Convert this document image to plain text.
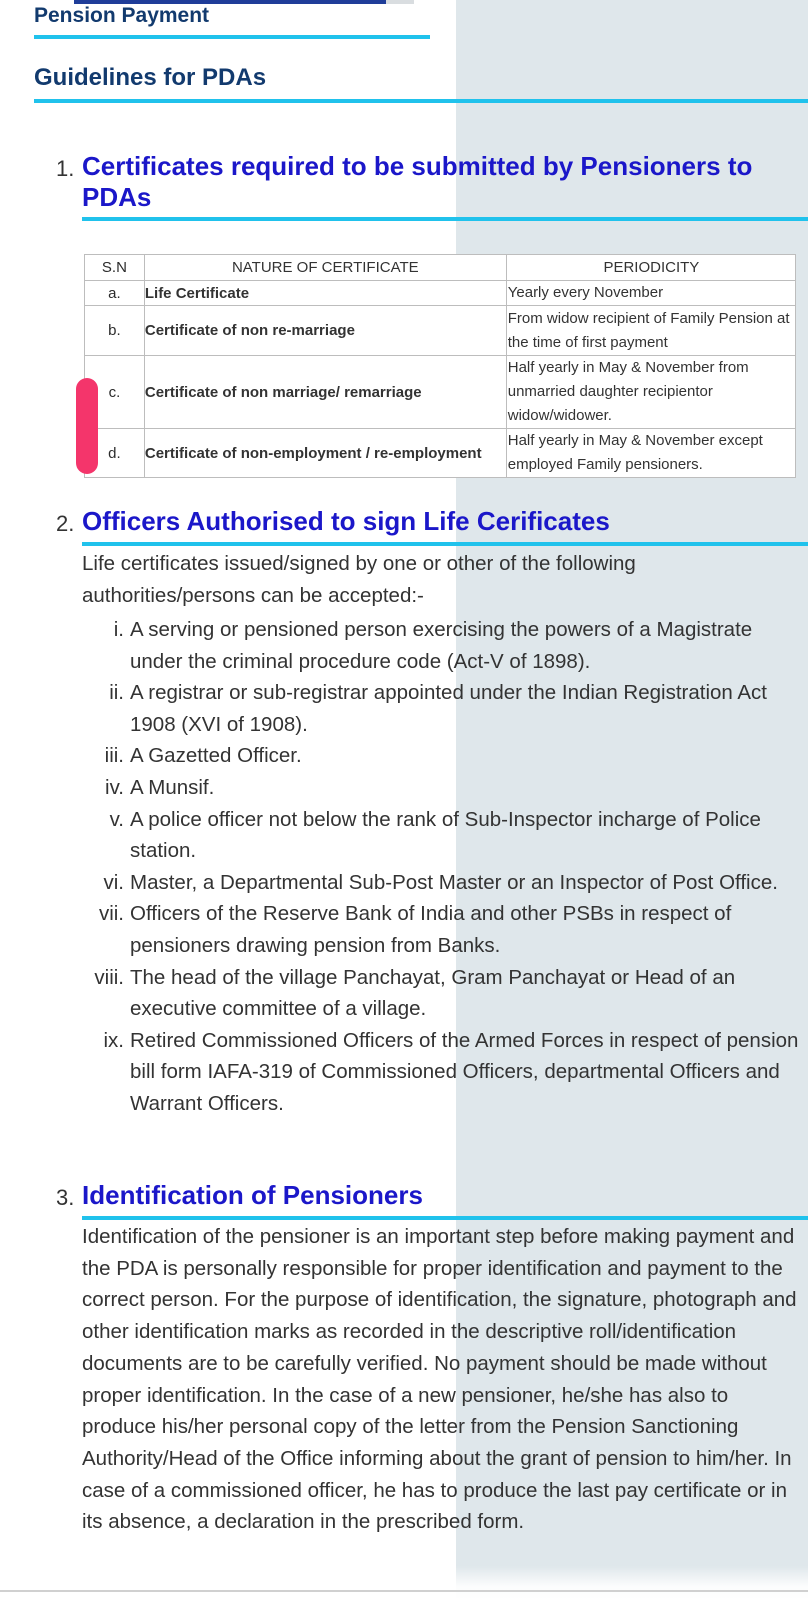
Pension Payment
Guidelines for PDAs
1. Certificates required to be submitted by Pensioners to PDAs
S.N	NATURE OF CERTIFICATE	PERIODICITY
a.	Life Certificate	Yearly every November
b.	Certificate of non re-marriage	From widow recipient of Family Pension at the time of first payment
c.	Certificate of non marriage/ remarriage	Half yearly in May & November from unmarried daughter recipientor widow/widower.
d.	Certificate of non-employment / re-employment	Half yearly in May & November except employed Family pensioners.
2. Officers Authorised to sign Life Cerificates
Life certificates issued/signed by one or other of the following authorities/persons can be accepted:-
i. A serving or pensioned person exercising the powers of a Magistrate under the criminal procedure code (Act-V of 1898).
ii. A registrar or sub-registrar appointed under the Indian Registration Act 1908 (XVI of 1908).
iii. A Gazetted Officer.
iv. A Munsif.
v. A police officer not below the rank of Sub-Inspector incharge of Police station.
vi. Master, a Departmental Sub-Post Master or an Inspector of Post Office.
vii. Officers of the Reserve Bank of India and other PSBs in respect of pensioners drawing pension from Banks.
viii. The head of the village Panchayat, Gram Panchayat or Head of an executive committee of a village.
ix. Retired Commissioned Officers of the Armed Forces in respect of pension bill form IAFA-319 of Commissioned Officers, departmental Officers and Warrant Officers.
3. Identification of Pensioners
Identification of the pensioner is an important step before making payment and the PDA is personally responsible for proper identification and payment to the correct person. For the purpose of identification, the signature, photograph and other identification marks as recorded in the descriptive roll/identification documents are to be carefully verified. No payment should be made without proper identification. In the case of a new pensioner, he/she has also to produce his/her personal copy of the letter from the Pension Sanctioning Authority/Head of the Office informing about the grant of pension to him/her. In case of a commissioned officer, he has to produce the last pay certificate or in its absence, a declaration in the prescribed form.
